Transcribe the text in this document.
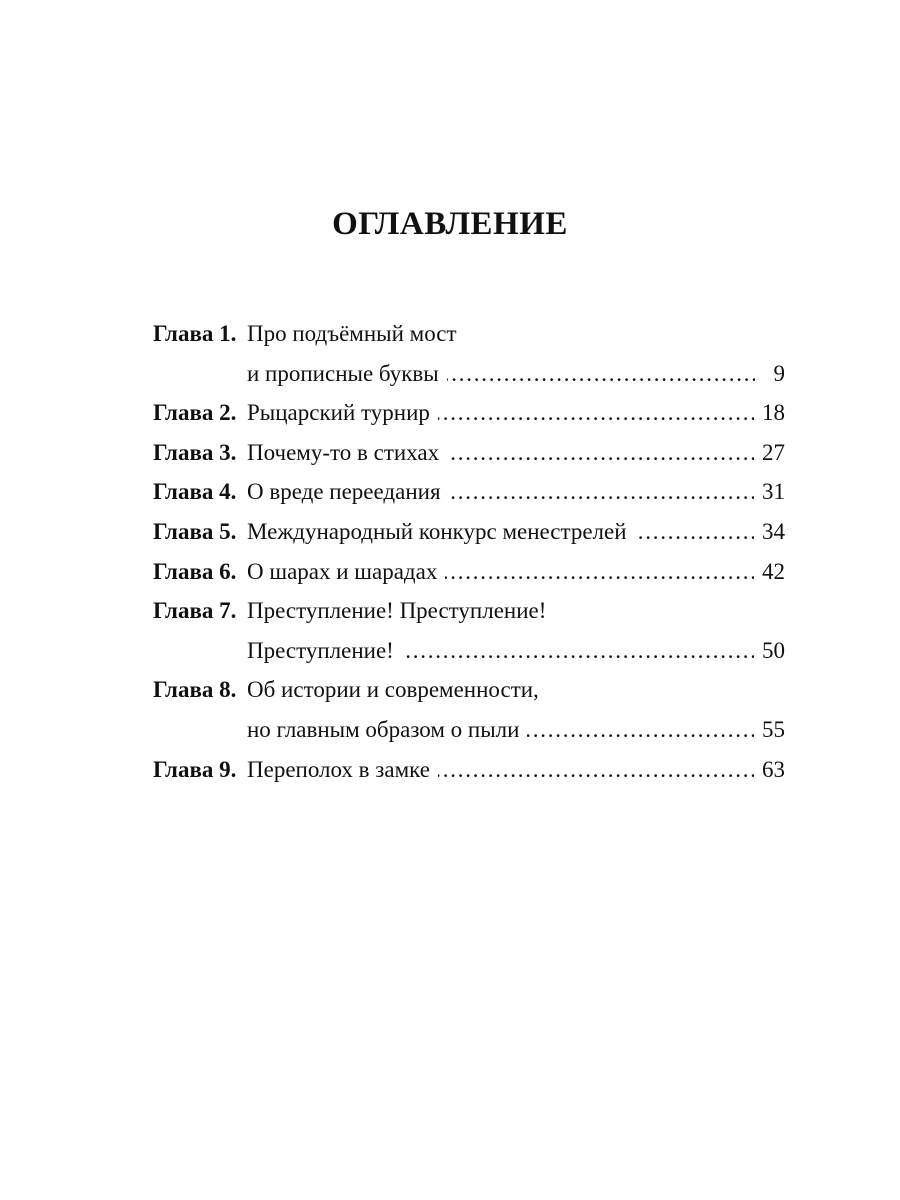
ОГЛАВЛЕНИЕ
Глава 1. Про подъёмный мост
и прописные буквы . . .	9
Глава 2. Рыцарский турнир . . .	18
Глава 3. Почему-то в стихах . . .	27
Глава 4. О вреде переедания . . .	31
Глава 5. Международный конкурс менестрелей . . .	34
Глава 6. О шарах и шарадах . . .	42
Глава 7. Преступление! Преступление!
Преступление! . . .	50
Глава 8. Об истории и современности,
но главным образом о пыли . . .	55
Глава 9. Переполох в замке . . .	63
